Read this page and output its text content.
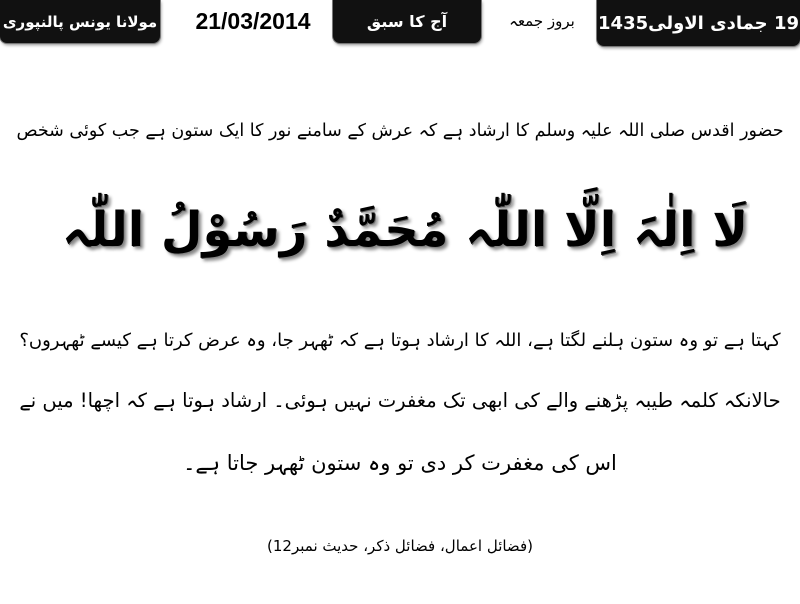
مولانا یونس پالنپوری	21/03/2014	آج کا سبق	بروز جمعہ	19 جمادی الاولی1435
حضور اقدس صلی اللہ علیہ وسلم کا ارشاد ہے کہ عرش کے سامنے نور کا ایک ستون ہے جب کوئی شخص
لَا اِلٰہَ اِلَّا اللّٰہ مُحَمَّدٌ رَسُوْلُ اللّٰہ
کہتا ہے تو وہ ستون ہلنے لگتا ہے، اللہ کا ارشاد ہوتا ہے کہ ٹھہر جا، وہ عرض کرتا ہے کیسے ٹھہروں؟
حالانکہ کلمہ طیبہ پڑھنے والے کی ابھی تک مغفرت نہیں ہوئی۔ ارشاد ہوتا ہے کہ اچھا! میں نے
اس کی مغفرت کر دی تو وہ ستون ٹھہر جاتا ہے۔
(فضائل اعمال، فضائل ذکر، حدیث نمبر12)
